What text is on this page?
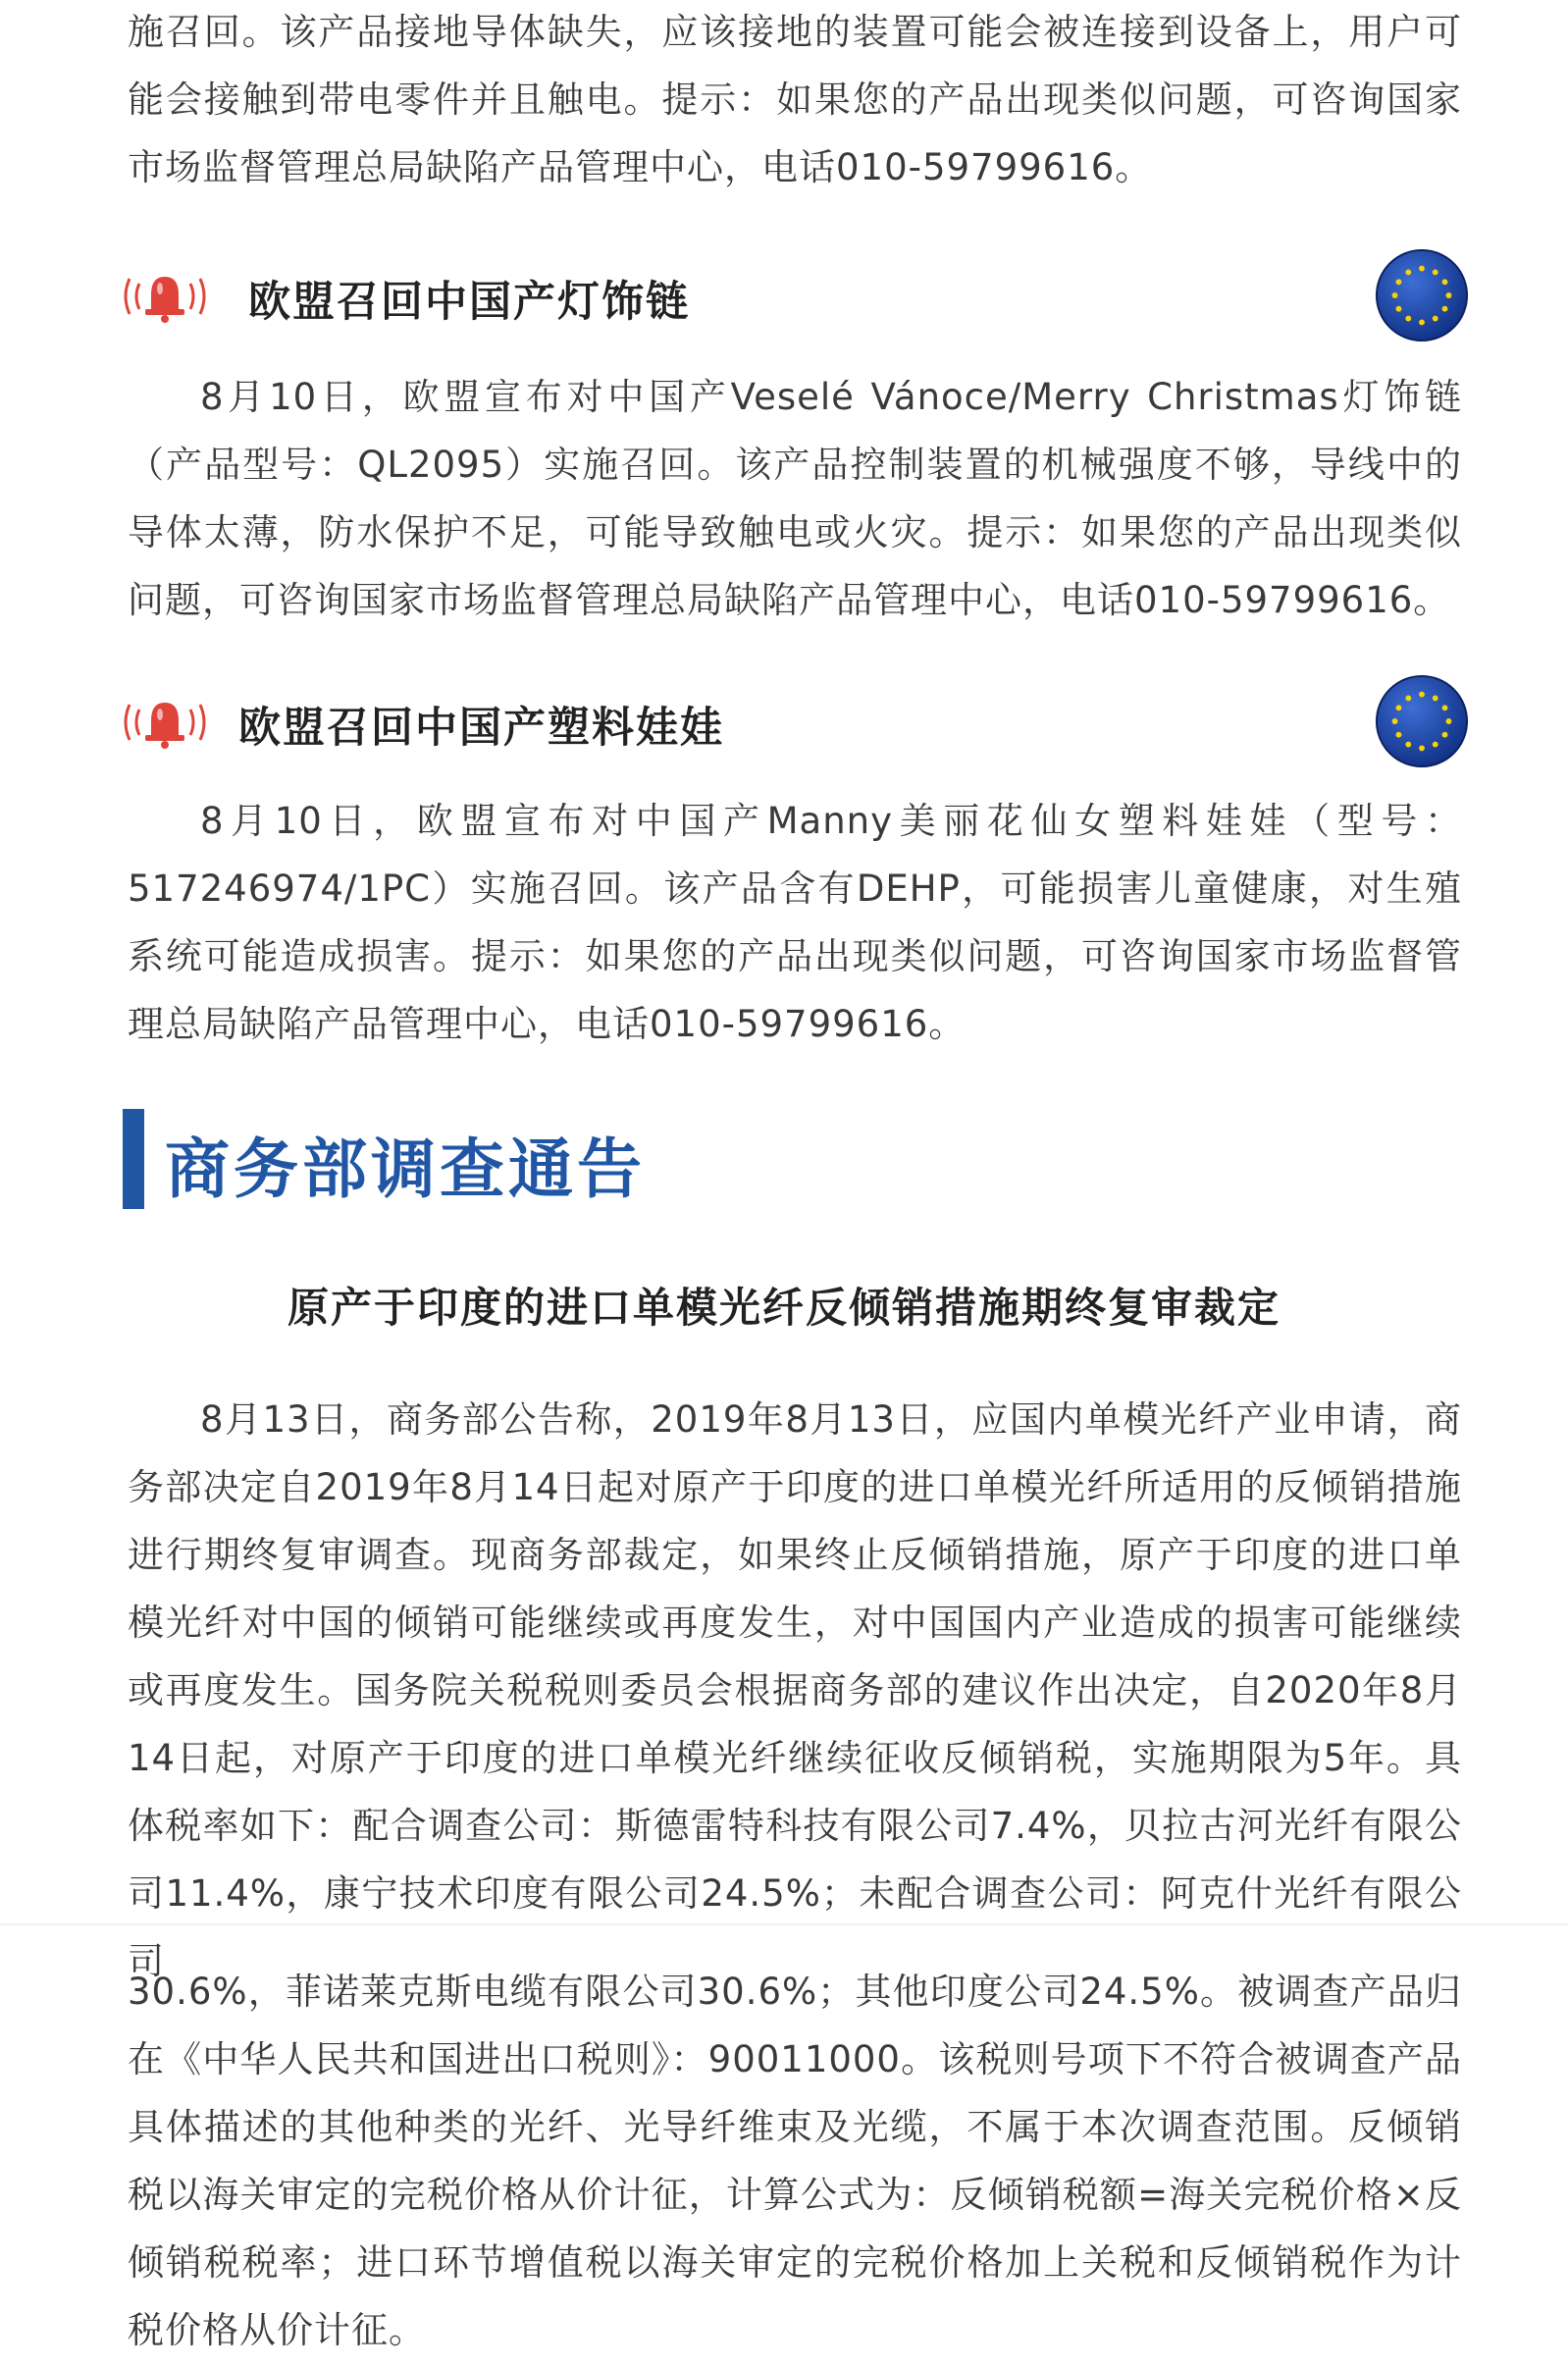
施召回。该产品接地导体缺失，应该接地的装置可能会被连接到设备上，用户可能会接触到带电零件并且触电。提示：如果您的产品出现类似问题，可咨询国家市场监督管理总局缺陷产品管理中心，电话010-59799616。

欧盟召回中国产灯饰链

8月10日，欧盟宣布对中国产Veselé Vánoce/Merry Christmas灯饰链（产品型号：QL2095）实施召回。该产品控制装置的机械强度不够，导线中的导体太薄，防水保护不足，可能导致触电或火灾。提示：如果您的产品出现类似问题，可咨询国家市场监督管理总局缺陷产品管理中心，电话010-59799616。

欧盟召回中国产塑料娃娃

8月10日，欧盟宣布对中国产Manny美丽花仙女塑料娃娃（型号：517246974/1PC）实施召回。该产品含有DEHP，可能损害儿童健康，对生殖系统可能造成损害。提示：如果您的产品出现类似问题，可咨询国家市场监督管理总局缺陷产品管理中心，电话010-59799616。

商务部调查通告
原产于印度的进口单模光纤反倾销措施期终复审裁定

8月13日，商务部公告称，2019年8月13日，应国内单模光纤产业申请，商务部决定自2019年8月14日起对原产于印度的进口单模光纤所适用的反倾销措施进行期终复审调查。现商务部裁定，如果终止反倾销措施，原产于印度的进口单模光纤对中国的倾销可能继续或再度发生，对中国国内产业造成的损害可能继续或再度发生。国务院关税税则委员会根据商务部的建议作出决定，自2020年8月14日起，对原产于印度的进口单模光纤继续征收反倾销税，实施期限为5年。具体税率如下：配合调查公司：斯德雷特科技有限公司7.4%，贝拉古河光纤有限公司11.4%，康宁技术印度有限公司24.5%；未配合调查公司：阿克什光纤有限公司

30.6%，菲诺莱克斯电缆有限公司30.6%；其他印度公司24.5%。被调查产品归在《中华人民共和国进出口税则》：90011000。该税则号项下不符合被调查产品具体描述的其他种类的光纤、光导纤维束及光缆，不属于本次调查范围。反倾销税以海关审定的完税价格从价计征，计算公式为：反倾销税额=海关完税价格×反倾销税税率；进口环节增值税以海关审定的完税价格加上关税和反倾销税作为计税价格从价计征。
